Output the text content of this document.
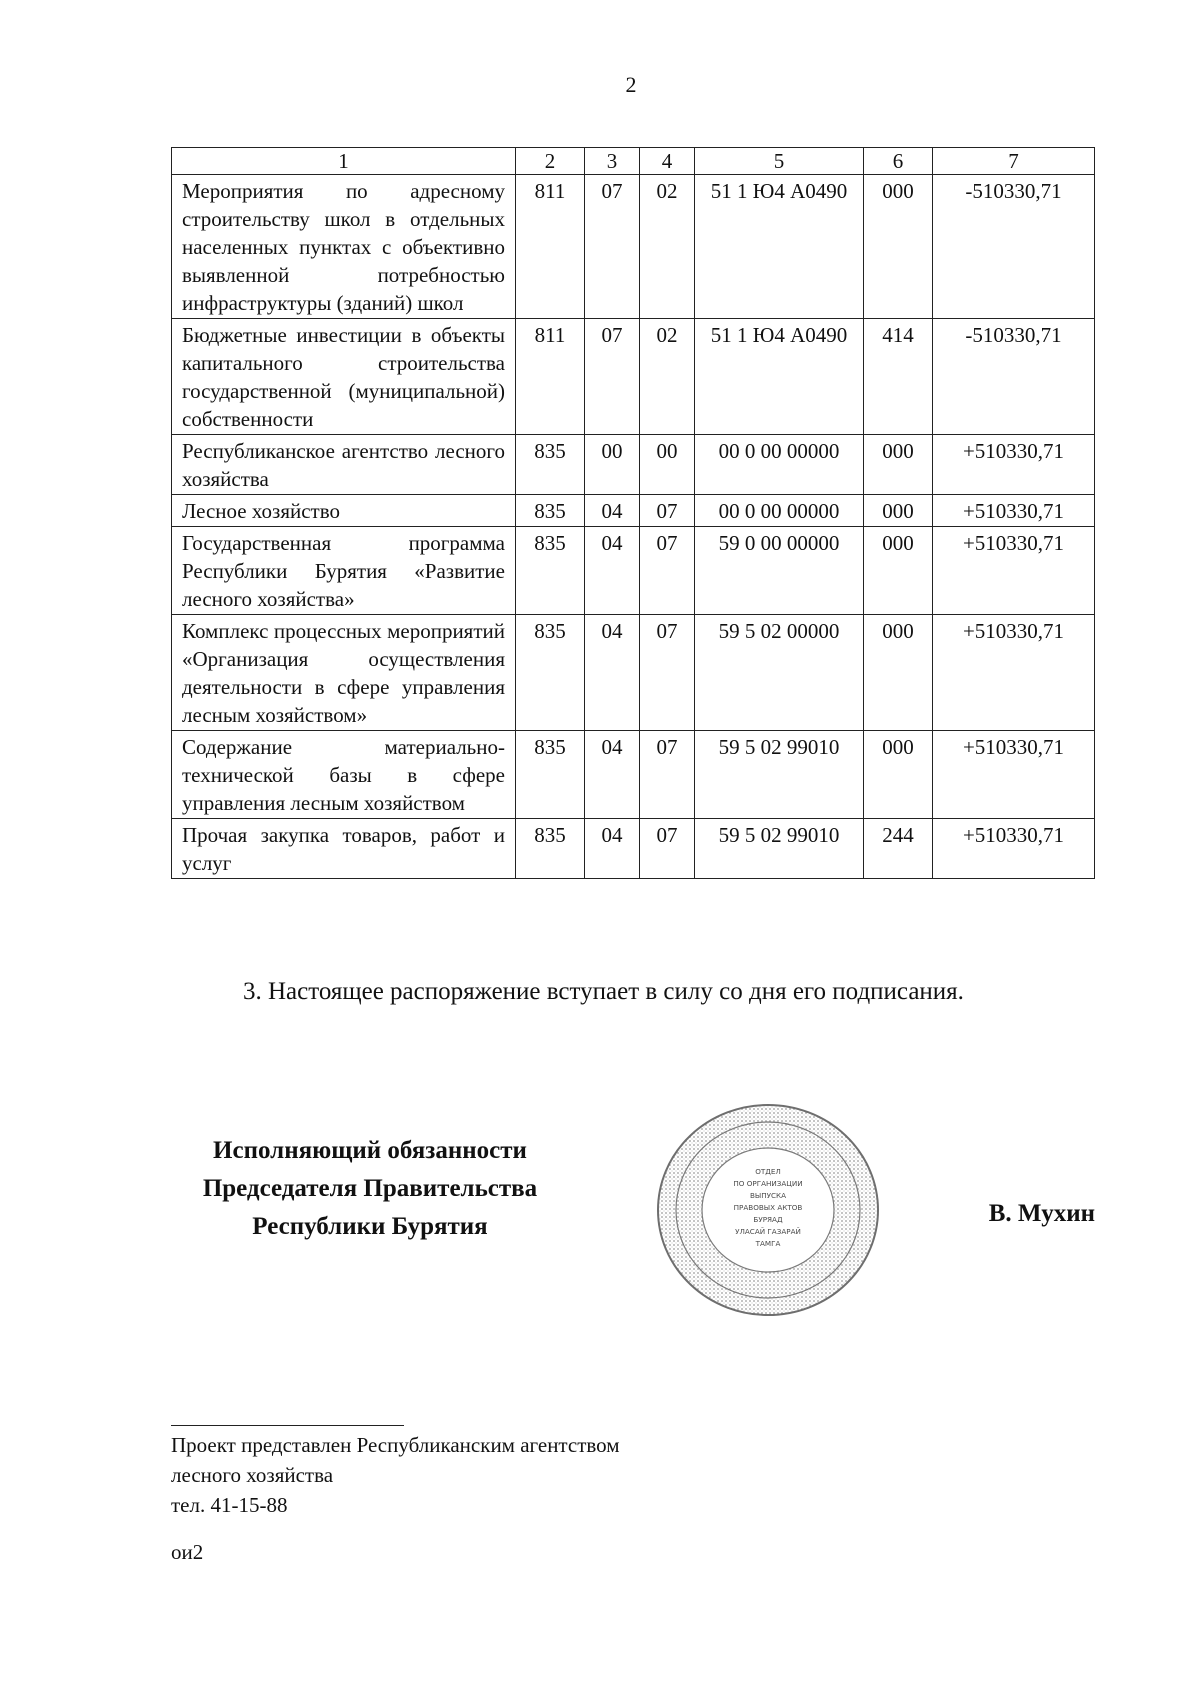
2
1	2	3	4	5	6	7
Мероприятия по адресному строительству школ в отдельных населенных пунктах с объективно выявленной потребностью инфраструктуры (зданий) школ	811	07	02	51 1 Ю4 А0490	000	-510330,71
Бюджетные инвестиции в объекты капитального строительства государственной (муниципальной) собственности	811	07	02	51 1 Ю4 А0490	414	-510330,71
Республиканское агентство лесного хозяйства	835	00	00	00 0 00 00000	000	+510330,71
Лесное хозяйство	835	04	07	00 0 00 00000	000	+510330,71
Государственная программа Республики Бурятия «Развитие лесного хозяйства»	835	04	07	59 0 00 00000	000	+510330,71
Комплекс процессных мероприятий «Организация осуществления деятельности в сфере управления лесным хозяйством»	835	04	07	59 5 02 00000	000	+510330,71
Содержание материально-технической базы в сфере управления лесным хозяйством	835	04	07	59 5 02 99010	000	+510330,71
Прочая закупка товаров, работ и услуг	835	04	07	59 5 02 99010	244	+510330,71
3. Настоящее распоряжение вступает в силу со дня его подписания.
Исполняющий обязанности
Председателя Правительства
Республики Бурятия
ОТДЕЛ
ПО ОРГАНИЗАЦИИ
ВЫПУСКА
ПРАВОВЫХ АКТОВ
БУРЯАД
УЛАСАЙ ГАЗАРАЙ
ТАМГА
В. Мухин
Проект представлен Республиканским агентством
лесного хозяйства
тел. 41-15-88
ои2
